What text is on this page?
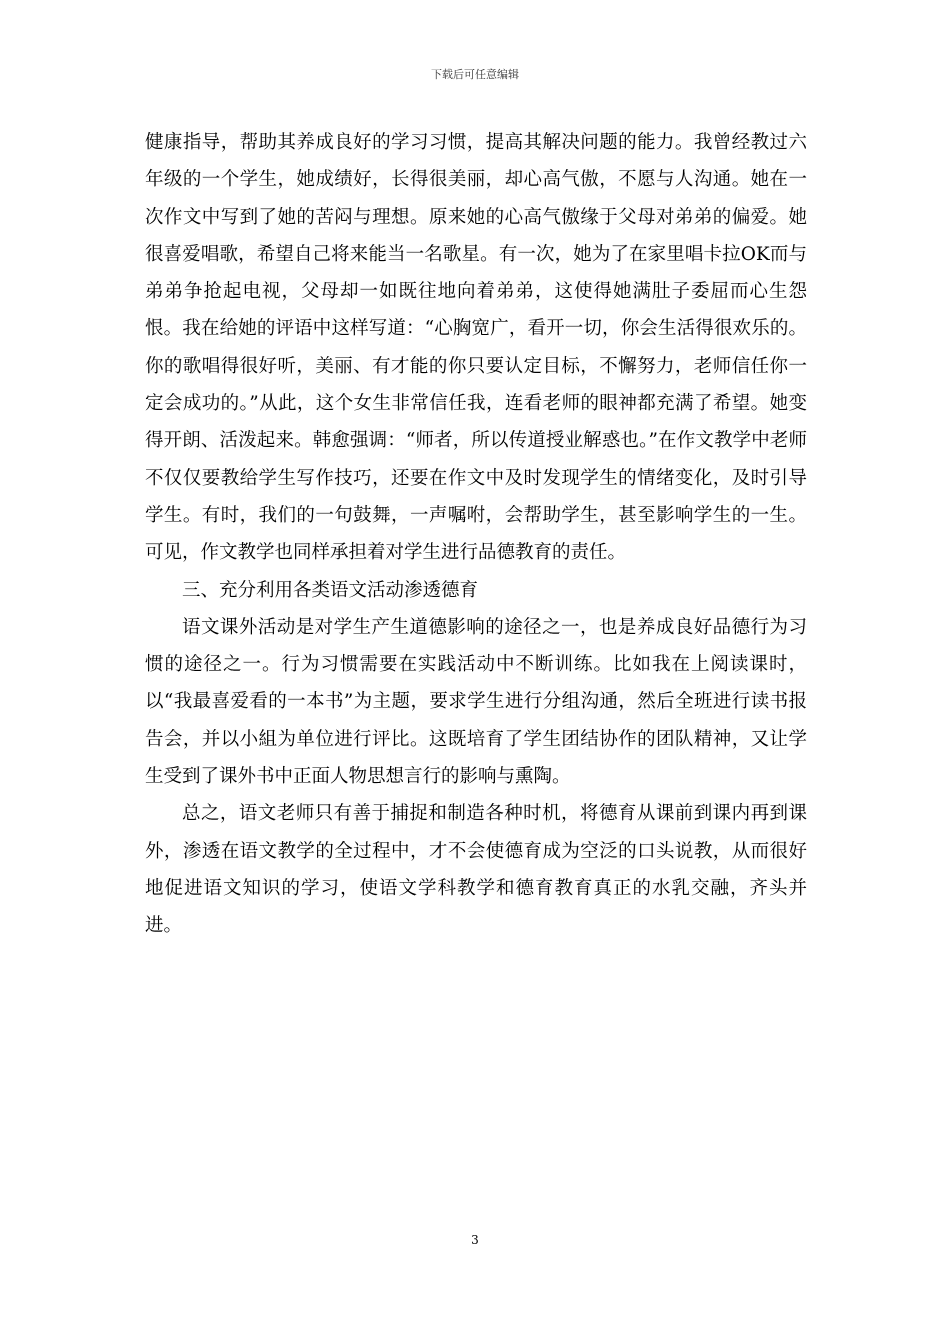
下载后可任意编辑

健康指导，帮助其养成良好的学习习惯，提高其解决问题的能力。我曾经教过六年级的一个学生，她成绩好，长得很美丽，却心高气傲，不愿与人沟通。她在一次作文中写到了她的苦闷与理想。原来她的心高气傲缘于父母对弟弟的偏爱。她很喜爱唱歌，希望自己将来能当一名歌星。有一次，她为了在家里唱卡拉OK而与弟弟争抢起电视，父母却一如既往地向着弟弟，这使得她满肚子委屈而心生怨恨。我在给她的评语中这样写道：“心胸宽广，看开一切，你会生活得很欢乐的。你的歌唱得很好听，美丽、有才能的你只要认定目标，不懈努力，老师信任你一定会成功的。”从此，这个女生非常信任我，连看老师的眼神都充满了希望。她变得开朗、活泼起来。韩愈强调：“师者，所以传道授业解惑也。”在作文教学中老师不仅仅要教给学生写作技巧，还要在作文中及时发现学生的情绪变化，及时引导学生。有时，我们的一句鼓舞，一声嘱咐，会帮助学生，甚至影响学生的一生。可见，作文教学也同样承担着对学生进行品德教育的责任。

三、充分利用各类语文活动渗透德育

语文课外活动是对学生产生道德影响的途径之一，也是养成良好品德行为习惯的途径之一。行为习惯需要在实践活动中不断训练。比如我在上阅读课时，以“我最喜爱看的一本书”为主题，要求学生进行分组沟通，然后全班进行读书报告会，并以小組为单位进行评比。这既培育了学生团结协作的团队精神，又让学生受到了课外书中正面人物思想言行的影响与熏陶。

总之，语文老师只有善于捕捉和制造各种时机，将德育从课前到课内再到课外，渗透在语文教学的全过程中，才不会使德育成为空泛的口头说教，从而很好地促进语文知识的学习，使语文学科教学和德育教育真正的水乳交融，齐头并进。

3
